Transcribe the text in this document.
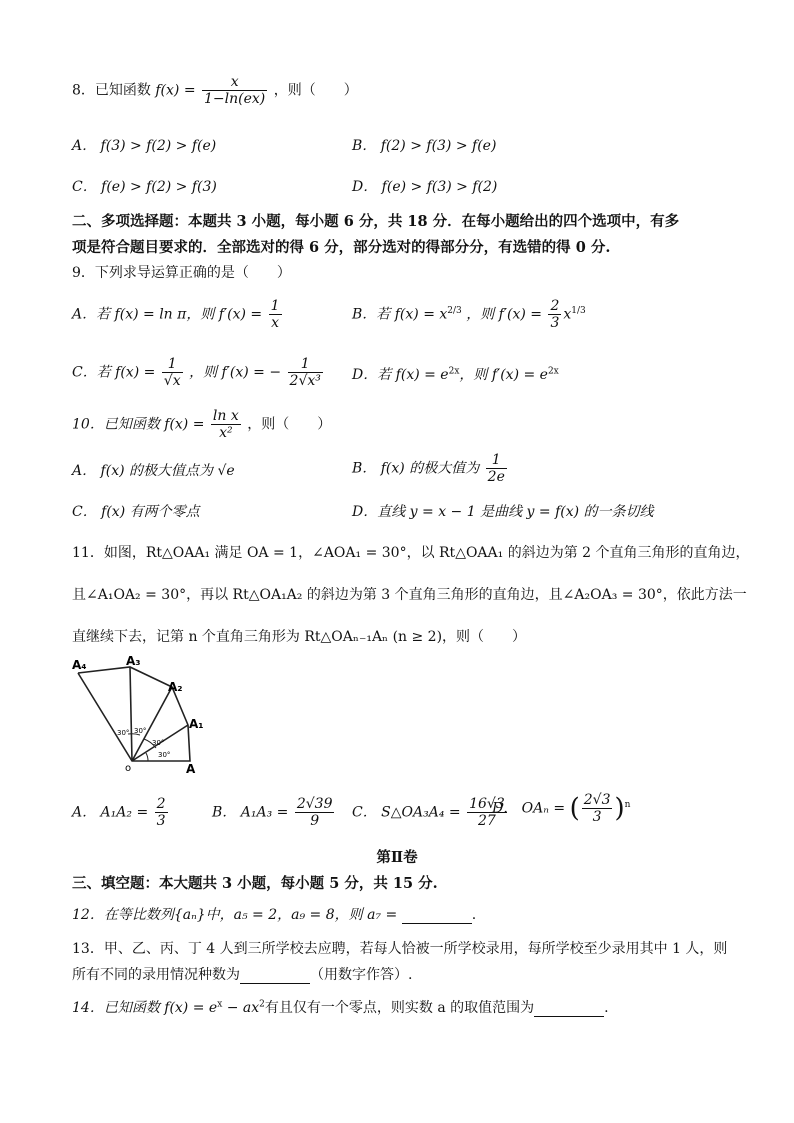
8．已知函数 $f(x) = \frac{x}{1-\ln(ex)}$ ，则（　　）
A． f(3) > f(2) > f(e)	B． f(2) > f(3) > f(e)
C． f(e) > f(2) > f(3)	D． f(e) > f(3) > f(2)
二、多项选择题：本题共 3 小题，每小题 6 分，共 18 分．在每小题给出的四个选项中，有多
项是符合题目要求的．全部选对的得 6 分，部分选对的得部分分，有选错的得 0 分.
9．下列求导运算正确的是（　　）
A．若 f(x) = ln π，则 $f'(x) = \frac{1}{x}$	B．若 $f(x) = x^{2/3}$ ，则 $f'(x) = \frac{2}{3} x^{1/3}$
C．若 $f(x) = \frac{1}{√x}$ ，则 f′(x) = − $\frac{1}{\text{2√x³}}$ D．若 $f(x) = e^{2x}$，则 $f'(x) = e^{2x}$
10．已知函数 $f(x) = \frac{\text{ln x}}{\text{x²}}$ ，则（　　）
A． f(x) 的极大值点为 √e	B． f(x) 的极大值为 $\frac{1}{2e}$
C． f(x) 有两个零点	D．直线 y = x − 1 是曲线 y = f(x) 的一条切线
11．如图，Rt△OAA₁ 满足 OA = 1，∠AOA₁ = 30°，以 Rt△OAA₁ 的斜边为第 2 个直角三角形的直角边，
且∠A₁OA₂ = 30°，再以 Rt△OA₁A₂ 的斜边为第 3 个直角三角形的直角边，且∠A₂OA₃ = 30°，依此方法一
直继续下去，记第 n 个直角三角形为 Rt△OAₙ₋₁Aₙ (n ≥ 2)，则（　　）
A₄	A₃
A₂
A₁
A
o
30° 30°
30°
30°
A． $A_1A_2 = \frac{2}{3}$	B． $A_1A_3 = \frac{2√39}{9}$ C． S△OA₃A₄ = $\frac{16√3}{27}$
D． OAₙ = ( $\frac{2√3}{3} )^n$
第Ⅱ卷
三、填空题：本大题共 3 小题，每小题 5 分，共 15 分.
12．在等比数列{aₙ}中，a₅ = 2，a₉ = 8，则 a₇ =	.
13．甲、乙、丙、丁 4 人到三所学校去应聘，若每人恰被一所学校录用，每所学校至少录用其中 1 人，则
所有不同的录用情况种数为	（用数字作答）.
14．已知函数 $f(x) = e^x - ax^2$有且仅有一个零点，则实数 a 的取值范围为	.
